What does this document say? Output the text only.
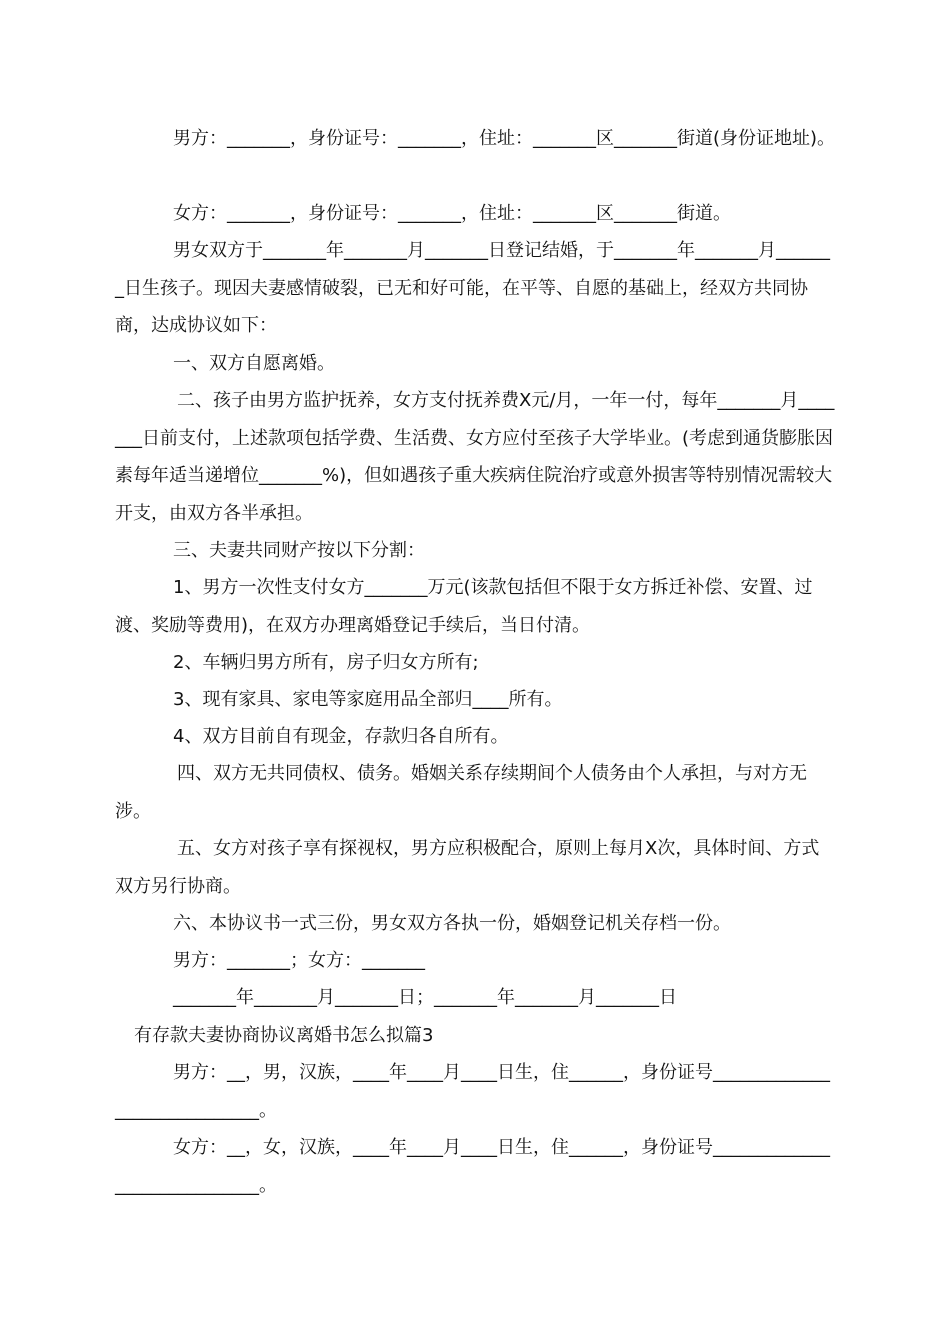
男方：_______，身份证号：_______，住址：_______区_______街道(身份证地址)。

女方：_______，身份证号：_______，住址：_______区_______街道。

男女双方于_______年_______月_______日登记结婚，于_______年_______月_______日生孩子。现因夫妻感情破裂，已无和好可能，在平等、自愿的基础上，经双方共同协商，达成协议如下：

一、双方自愿离婚。

二、孩子由男方监护抚养，女方支付抚养费X元/月，一年一付，每年_______月_______日前支付，上述款项包括学费、生活费、女方应付至孩子大学毕业。(考虑到通货膨胀因素每年适当递增位_______%)，但如遇孩子重大疾病住院治疗或意外损害等特别情况需较大开支，由双方各半承担。

三、夫妻共同财产按以下分割：

1、男方一次性支付女方_______万元(该款包括但不限于女方拆迁补偿、安置、过渡、奖励等费用)，在双方办理离婚登记手续后，当日付清。

2、车辆归男方所有，房子归女方所有;

3、现有家具、家电等家庭用品全部归____所有。

4、双方目前自有现金，存款归各自所有。

四、双方无共同债权、债务。婚姻关系存续期间个人债务由个人承担，与对方无涉。

五、女方对孩子享有探视权，男方应积极配合，原则上每月X次，具体时间、方式双方另行协商。

六、本协议书一式三份，男女双方各执一份，婚姻登记机关存档一份。

男方：_______；女方：_______

_______年_______月_______日；_______年_______月_______日

有存款夫妻协商协议离婚书怎么拟篇3

男方：__，男，汉族，____年____月____日生，住______，身份证号_____________________________。

女方：__，女，汉族，____年____月____日生，住______，身份证号_____________________________。
